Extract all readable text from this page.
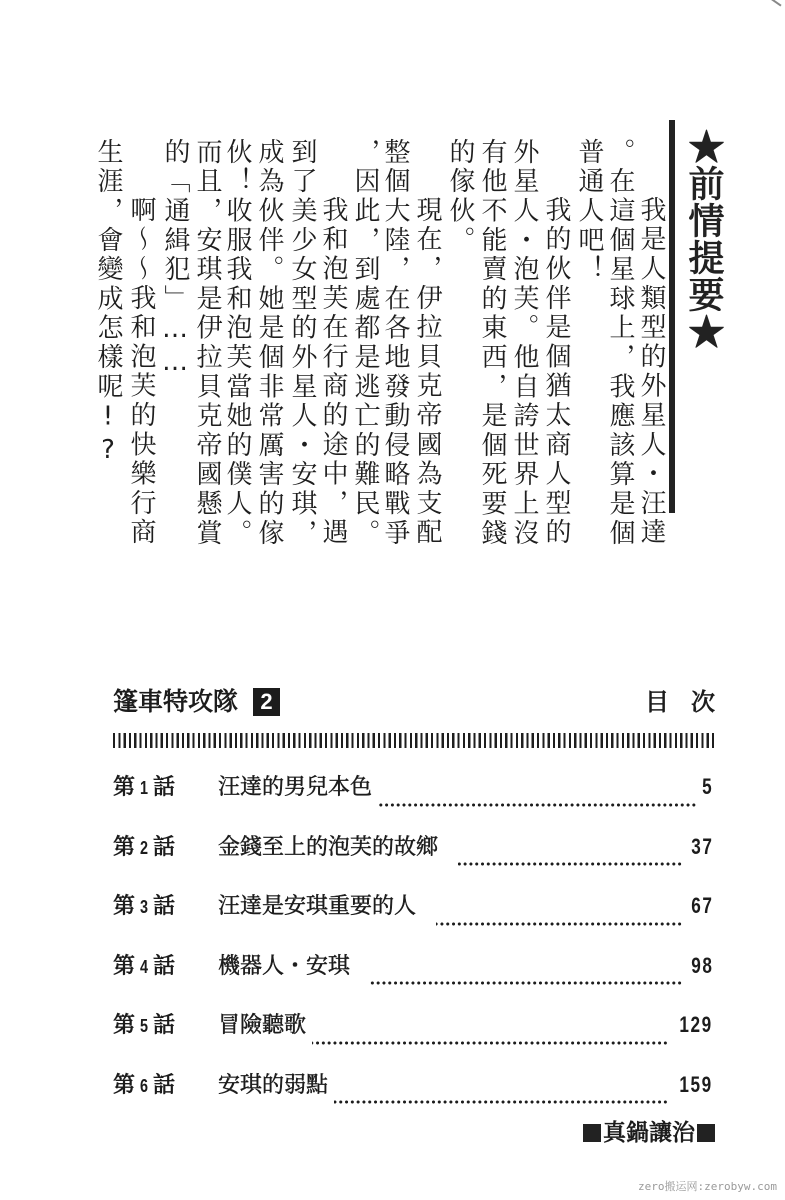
★前情提要★
我是人類型的外星人・汪達
。在這個星球上，我應該算是個
普通人吧！
我的伙伴是個猶太商人型的
外星人・泡芙。他自誇世界上沒
有他不能賣的東西，是個死要錢
的傢伙。
現在，伊拉貝克帝國為支配
整個大陸，在各地發動侵略戰爭
，因此，到處都是逃亡的難民。
我和泡芙在行商的途中，遇
到了美少女型的外星人・安琪，
成為伙伴。她是個非常厲害的傢
伙！收服我和泡芙當她的僕人。
而且，安琪是伊拉貝克帝國懸賞
的「通緝犯」……
啊～～我和泡芙的快樂行商
生涯，會變成怎樣呢!?
篷車特攻隊	2	目次
第 1 話	汪達的男兒本色	5
第 2 話	金錢至上的泡芙的故鄉	37
第 3 話	汪達是安琪重要的人	67
第 4 話	機器人・安琪	98
第 5 話	冒險聽歌	129
第 6 話	安琪的弱點	159
真鍋讓治
zero搬运网:zerobyw.com
